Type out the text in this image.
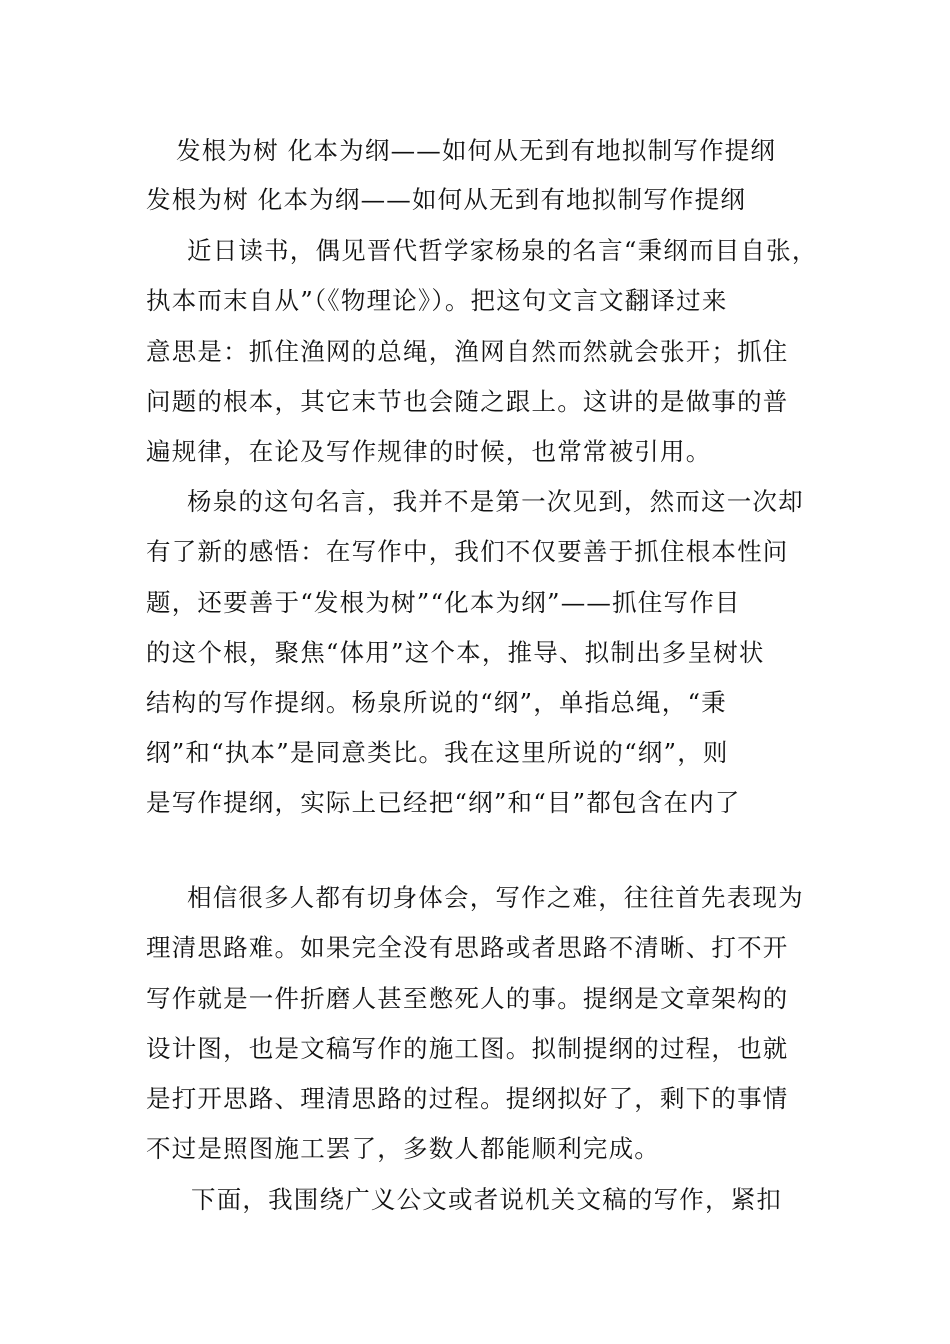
发根为树 化本为纲——如何从无到有地拟制写作提纲
发根为树 化本为纲——如何从无到有地拟制写作提纲
近日读书，偶见晋代哲学家杨泉的名言“秉纲而目自张，
执本而末自从”（《物理论》）。把这句文言文翻译过来
意思是：抓住渔网的总绳，渔网自然而然就会张开；抓住
问题的根本，其它末节也会随之跟上。这讲的是做事的普
遍规律，在论及写作规律的时候，也常常被引用。
杨泉的这句名言，我并不是第一次见到，然而这一次却
有了新的感悟：在写作中，我们不仅要善于抓住根本性问
题，还要善于“发根为树”“化本为纲”——抓住写作目
的这个根，聚焦“体用”这个本，推导、拟制出多呈树状
结构的写作提纲。杨泉所说的“纲”，单指总绳，“秉
纲”和“执本”是同意类比。我在这里所说的“纲”，则
是写作提纲，实际上已经把“纲”和“目”都包含在内了
相信很多人都有切身体会，写作之难，往往首先表现为
理清思路难。如果完全没有思路或者思路不清晰、打不开
写作就是一件折磨人甚至憋死人的事。提纲是文章架构的
设计图，也是文稿写作的施工图。拟制提纲的过程，也就
是打开思路、理清思路的过程。提纲拟好了，剩下的事情
不过是照图施工罢了，多数人都能顺利完成。
下面，我围绕广义公文或者说机关文稿的写作，紧扣
